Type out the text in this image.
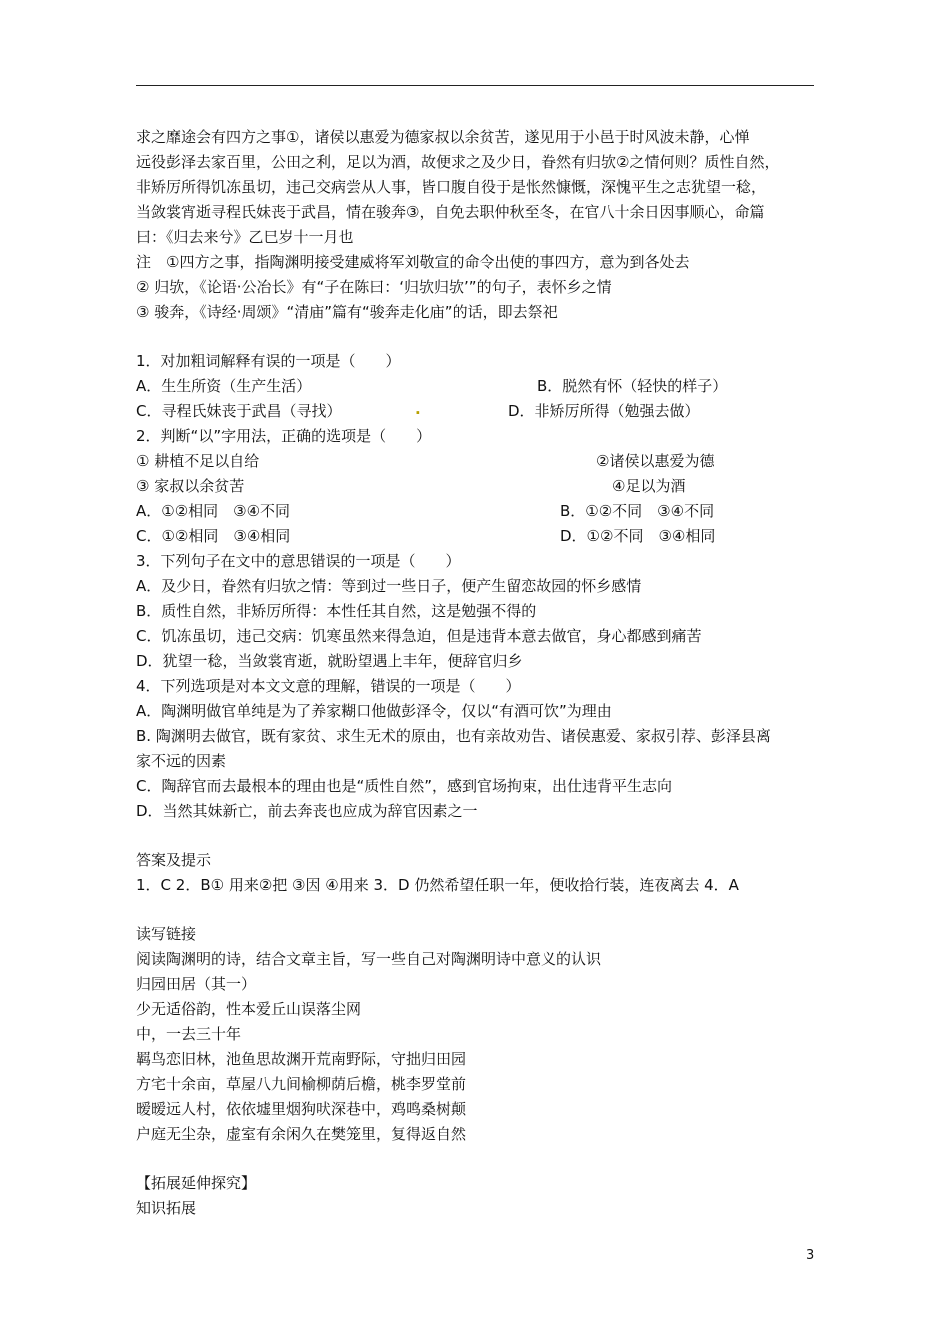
求之靡途会有四方之事①，诸侯以惠爱为德家叔以余贫苦，遂见用于小邑于时风波未静，心惮
远役彭泽去家百里，公田之利，足以为酒，故便求之及少日，眷然有归欤②之情何则？质性自然，
非矫厉所得饥冻虽切，违己交病尝从人事，皆口腹自役于是怅然慷慨，深愧平生之志犹望一稔，
当敛裳宵逝寻程氏妹丧于武昌，情在骏奔③，自免去职仲秋至冬，在官八十余日因事顺心，命篇
曰：《归去来兮》乙巳岁十一月也
注　①四方之事，指陶渊明接受建威将军刘敬宣的命令出使的事四方，意为到各处去
② 归欤，《论语·公冶长》有“子在陈曰：‘归欤归欤’”的句子，表怀乡之情
③ 骏奔，《诗经·周颂》“清庙”篇有“骏奔走化庙”的话，即去祭祀
1．对加粗词解释有误的一项是（　　）
A．生生所资（生产生活）	B．脱然有怀（轻快的样子）
C．寻程氏妹丧于武昌（寻找）	.	D．非矫厉所得（勉强去做）
2．判断“以”字用法，正确的选项是（　　）
① 耕植不足以自给	②诸侯以惠爱为德
③ 家叔以余贫苦	④足以为酒
A．①②相同　③④不同	B．①②不同　③④不同
C．①②相同　③④相同	D．①②不同　③④相同
3．下列句子在文中的意思错误的一项是（　　）
A．及少日，眷然有归欤之情：等到过一些日子，便产生留恋故园的怀乡感情
B．质性自然，非矫厉所得：本性任其自然，这是勉强不得的
C．饥冻虽切，违己交病：饥寒虽然来得急迫，但是违背本意去做官，身心都感到痛苦
D．犹望一稔，当敛裳宵逝，就盼望遇上丰年，便辞官归乡
4．下列选项是对本文文意的理解，错误的一项是（　　）
A．陶渊明做官单纯是为了养家糊口他做彭泽令，仅以“有酒可饮”为理由
B. 陶渊明去做官，既有家贫、求生无术的原由，也有亲故劝告、诸侯惠爱、家叔引荐、彭泽县离
家不远的因素
C．陶辞官而去最根本的理由也是“质性自然”，感到官场拘束，出仕违背平生志向
D．当然其妹新亡，前去奔丧也应成为辞官因素之一
答案及提示
1．C 2．B① 用来②把 ③因 ④用来 3．D 仍然希望任职一年，便收拾行装，连夜离去 4．A
读写链接
阅读陶渊明的诗，结合文章主旨，写一些自己对陶渊明诗中意义的认识
归园田居（其一）
少无适俗韵，性本爱丘山误落尘网
中，一去三十年
羁鸟恋旧林，池鱼思故渊开荒南野际，守拙归田园
方宅十余亩，草屋八九间榆柳荫后檐，桃李罗堂前
暧暧远人村，依依墟里烟狗吠深巷中，鸡鸣桑树颠
户庭无尘杂，虚室有余闲久在樊笼里，复得返自然
【拓展延伸探究】
知识拓展
3
